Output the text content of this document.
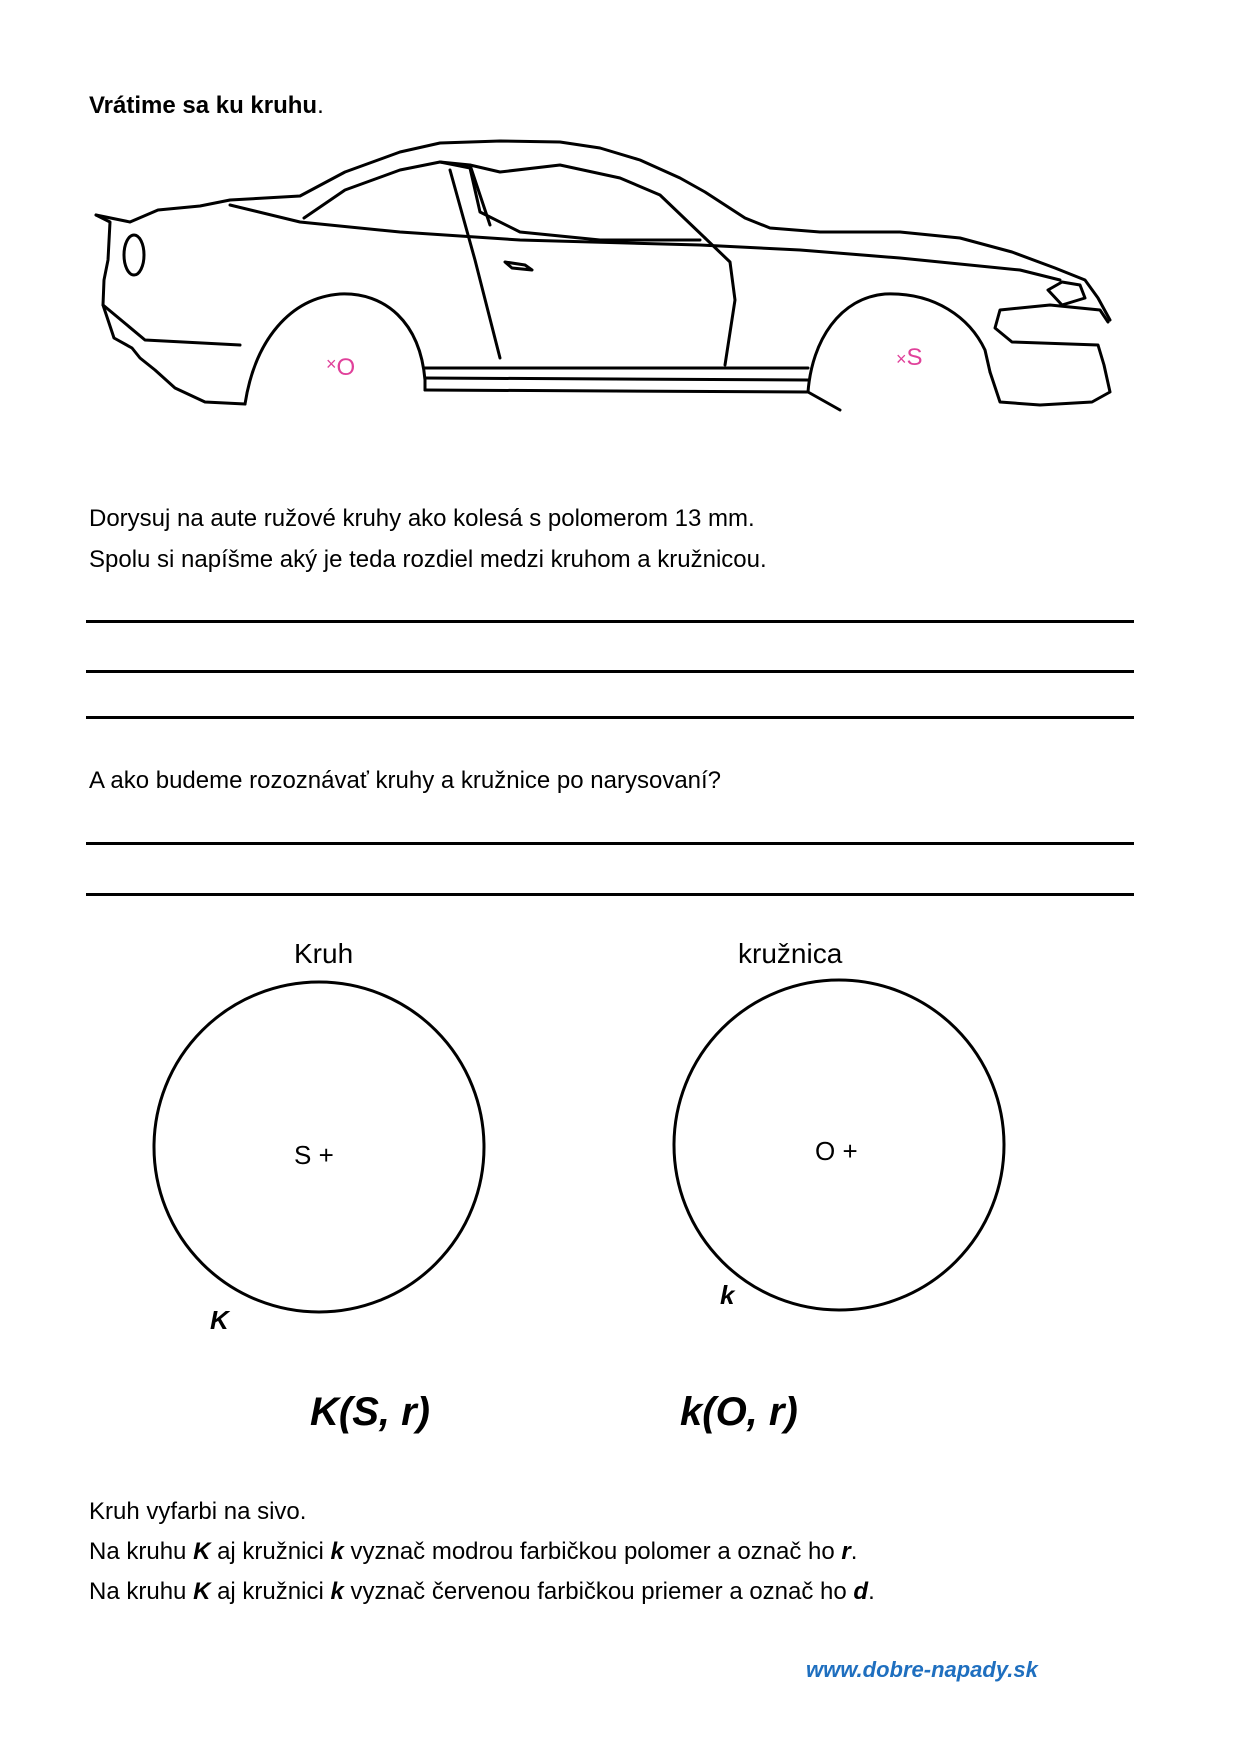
Vrátime sa ku kruhu.
×O	×S
Dorysuj na aute ružové kruhy ako kolesá s polomerom 13 mm.
Spolu si napíšme aký je teda rozdiel medzi kruhom a kružnicou.
A ako budeme rozoznávať kruhy a kružnice po narysovaní?
Kruh	kružnica
S +	O +
K
k
K(S, r)	k(O, r)
Kruh vyfarbi na sivo.
Na kruhu K aj kružnici k vyznač modrou farbičkou polomer a označ ho r.
Na kruhu K aj kružnici k vyznač červenou farbičkou priemer a označ ho d.
www.dobre-napady.sk
